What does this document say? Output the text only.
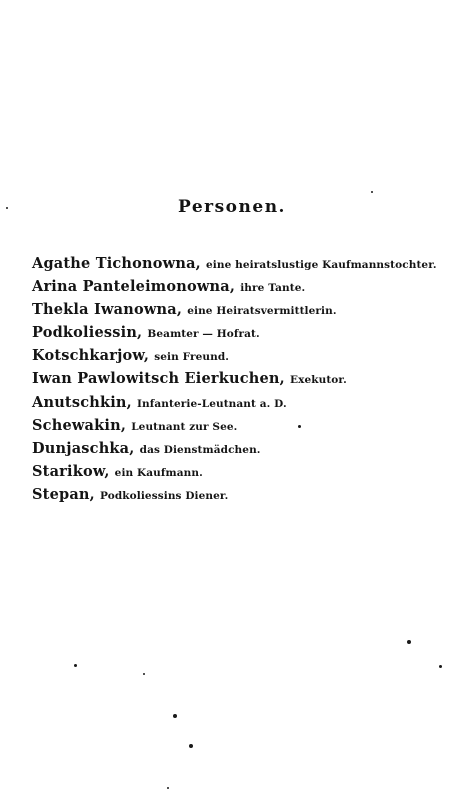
Personen.
Agathe Tichonowna, eine heiratslustige Kaufmannstochter.
Arina Panteleimonowna, ihre Tante.
Thekla Iwanowna, eine Heiratsvermittlerin.
Podkoliessin, Beamter — Hofrat.
Kotschkarjow, sein Freund.
Iwan Pawlowitsch Eierkuchen, Exekutor.
Anutschkin, Infanterie-Leutnant a. D.
Schewakin, Leutnant zur See.
Dunjaschka, das Dienstmädchen.
Starikow, ein Kaufmann.
Stepan, Podkoliessins Diener.
